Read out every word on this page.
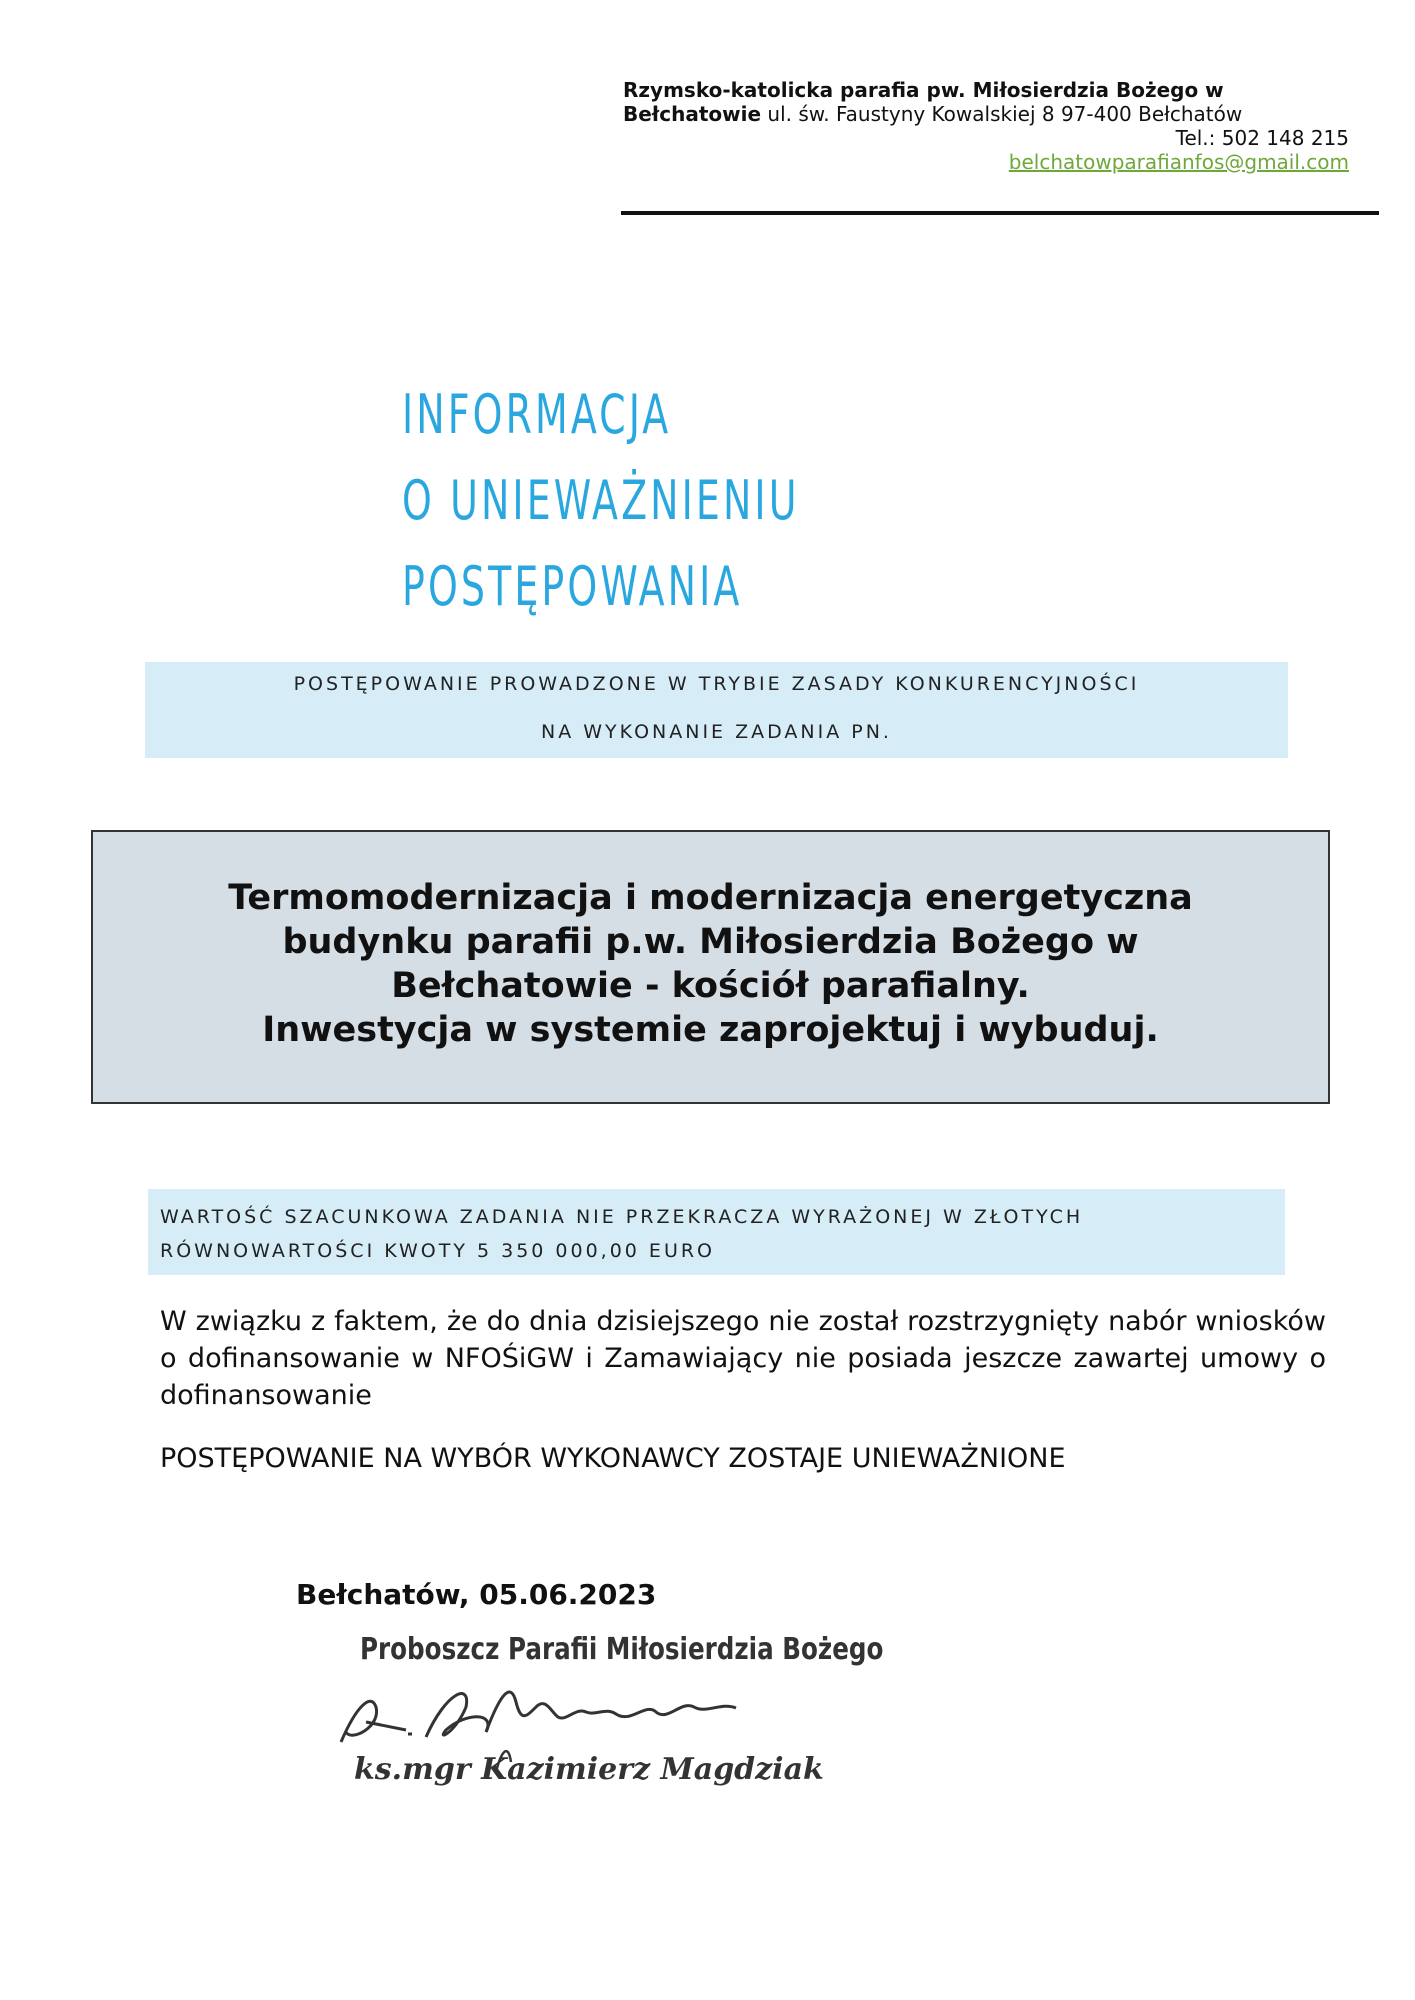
Rzymsko-katolicka parafia pw. Miłosierdzia Bożego w
Bełchatowie ul. św. Faustyny Kowalskiej 8 97-400 Bełchatów
Tel.: 502 148 215
belchatowparafianfos@gmail.com
INFORMACJA
O UNIEWAŻNIENIU
POSTĘPOWANIA
POSTĘPOWANIE PROWADZONE W TRYBIE ZASADY KONKURENCYJNOŚCI
NA WYKONANIE ZADANIA PN.
Termomodernizacja i modernizacja energetyczna
budynku parafii p.w. Miłosierdzia Bożego w
Bełchatowie - kościół parafialny.
Inwestycja w systemie zaprojektuj i wybuduj.
WARTOŚĆ SZACUNKOWA ZADANIA NIE PRZEKRACZA WYRAŻONEJ W ZŁOTYCH
RÓWNOWARTOŚCI KWOTY 5 350 000,00 EURO
W związku z faktem, że do dnia dzisiejszego nie został rozstrzygnięty nabór wniosków o dofinansowanie w NFOŚiGW i Zamawiający nie posiada jeszcze zawartej umowy o dofinansowanie
POSTĘPOWANIE NA WYBÓR WYKONAWCY ZOSTAJE UNIEWAŻNIONE
Bełchatów, 05.06.2023
Proboszcz Parafii Miłosierdzia Bożego
ks.mgr Kazimierz Magdziak
